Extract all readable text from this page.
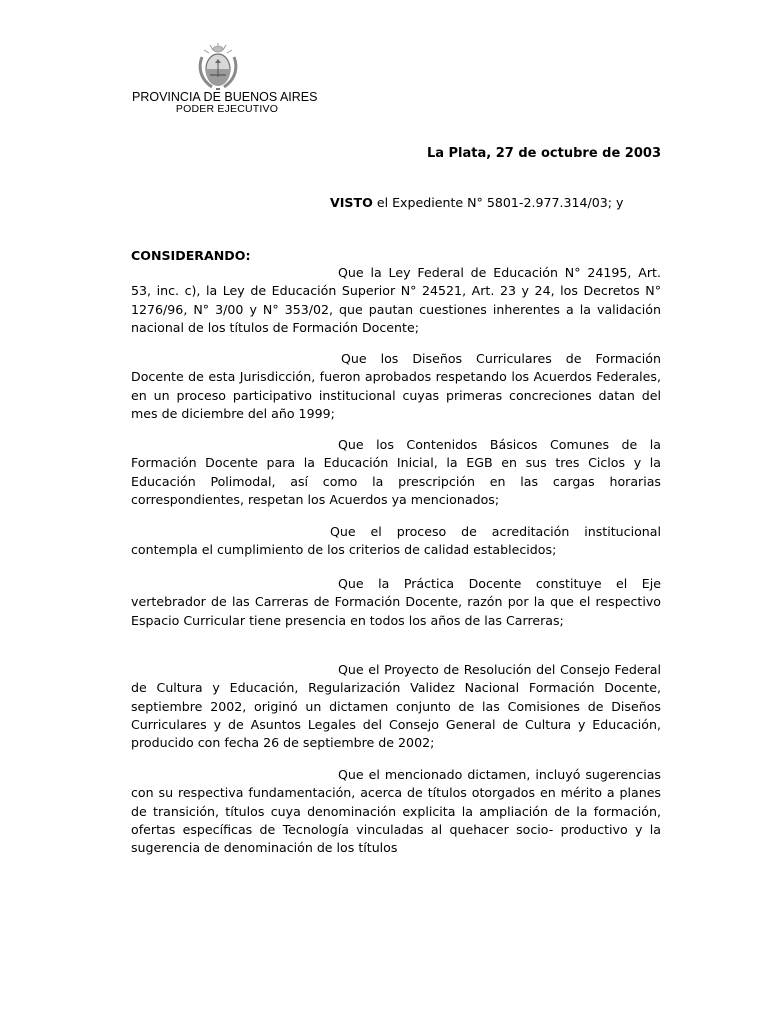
PROVINCIA DE BUENOS AIRES
PODER EJECUTIVO
La Plata, 27 de octubre de 2003
VISTO el Expediente N° 5801-2.977.314/03; y
CONSIDERANDO:

Que la Ley Federal de Educación N° 24195, Art. 53, inc. c), la Ley de Educación Superior N° 24521, Art. 23 y 24, los Decretos N° 1276/96, N° 3/00 y N° 353/02, que pautan cuestiones inherentes a la validación nacional de los títulos de Formación Docente;

Que los Diseños Curriculares de Formación Docente de esta Jurisdicción, fueron aprobados respetando los Acuerdos Federales, en un proceso participativo institucional cuyas primeras concreciones datan del mes de diciembre del año 1999;

Que los Contenidos Básicos Comunes de la Formación Docente para la Educación Inicial, la EGB en sus tres Ciclos y la Educación Polimodal, así como la prescripción en las cargas horarias correspondientes, respetan los Acuerdos ya mencionados;

Que el proceso de acreditación institucional contempla el cumplimiento de los criterios de calidad establecidos;

Que la Práctica Docente constituye el Eje vertebrador de las Carreras de Formación Docente, razón por la que el respectivo Espacio Curricular tiene presencia en todos los años de las Carreras;

Que el Proyecto de Resolución del Consejo Federal de Cultura y Educación, Regularización Validez Nacional Formación Docente, septiembre 2002, originó un dictamen conjunto de las Comisiones de Diseños Curriculares y de Asuntos Legales del Consejo General de Cultura y Educación, producido con fecha 26 de septiembre de 2002;

Que el mencionado dictamen, incluyó sugerencias con su respectiva fundamentación, acerca de títulos otorgados en mérito a planes de transición, títulos cuya denominación explicita la ampliación de la formación, ofertas específicas de Tecnología vinculadas al quehacer socio- productivo y la sugerencia de denominación de los títulos
